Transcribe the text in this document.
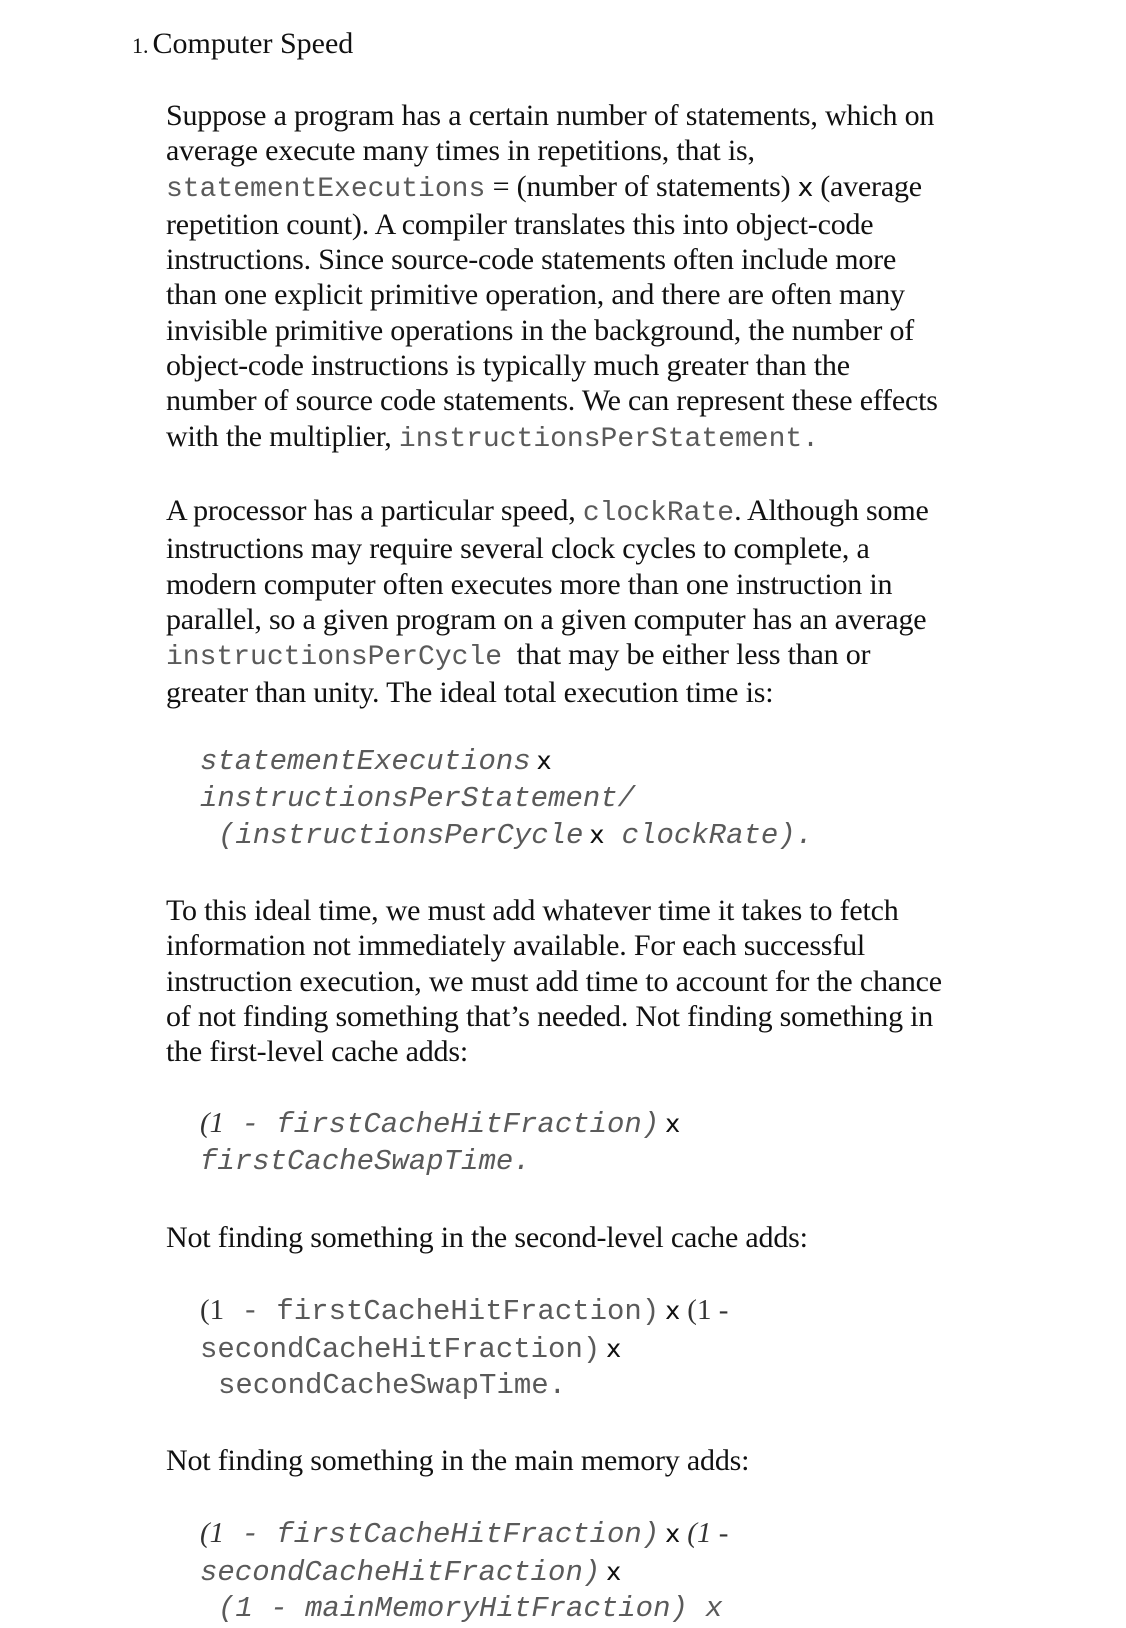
1. Computer Speed
Suppose a program has a certain number of statements, which on
average execute many times in repetitions, that is,
statementExecutions = (number of statements) x (average
repetition count). A compiler translates this into object-code
instructions. Since source-code statements often include more
than one explicit primitive operation, and there are often many
invisible primitive operations in the background, the number of
object-code instructions is typically much greater than the
number of source code statements. We can represent these effects
with the multiplier, instructionsPerStatement.
A processor has a particular speed, clockRate. Although some
instructions may require several clock cycles to complete, a
modern computer often executes more than one instruction in
parallel, so a given program on a given computer has an average
instructionsPerCycle  that may be either less than or
greater than unity. The ideal total execution time is:
statementExecutions x
instructionsPerStatement/
(instructionsPerCycle x clockRate).
To this ideal time, we must add whatever time it takes to fetch
information not immediately available. For each successful
instruction execution, we must add time to account for the chance
of not finding something that’s needed. Not finding something in
the first-level cache adds:
(1 - firstCacheHitFraction) x
firstCacheSwapTime.
Not finding something in the second-level cache adds:
(1 - firstCacheHitFraction) x (1 -
secondCacheHitFraction) x
secondCacheSwapTime.
Not finding something in the main memory adds:
(1 - firstCacheHitFraction) x (1 -
secondCacheHitFraction) x
(1 - mainMemoryHitFraction) x
